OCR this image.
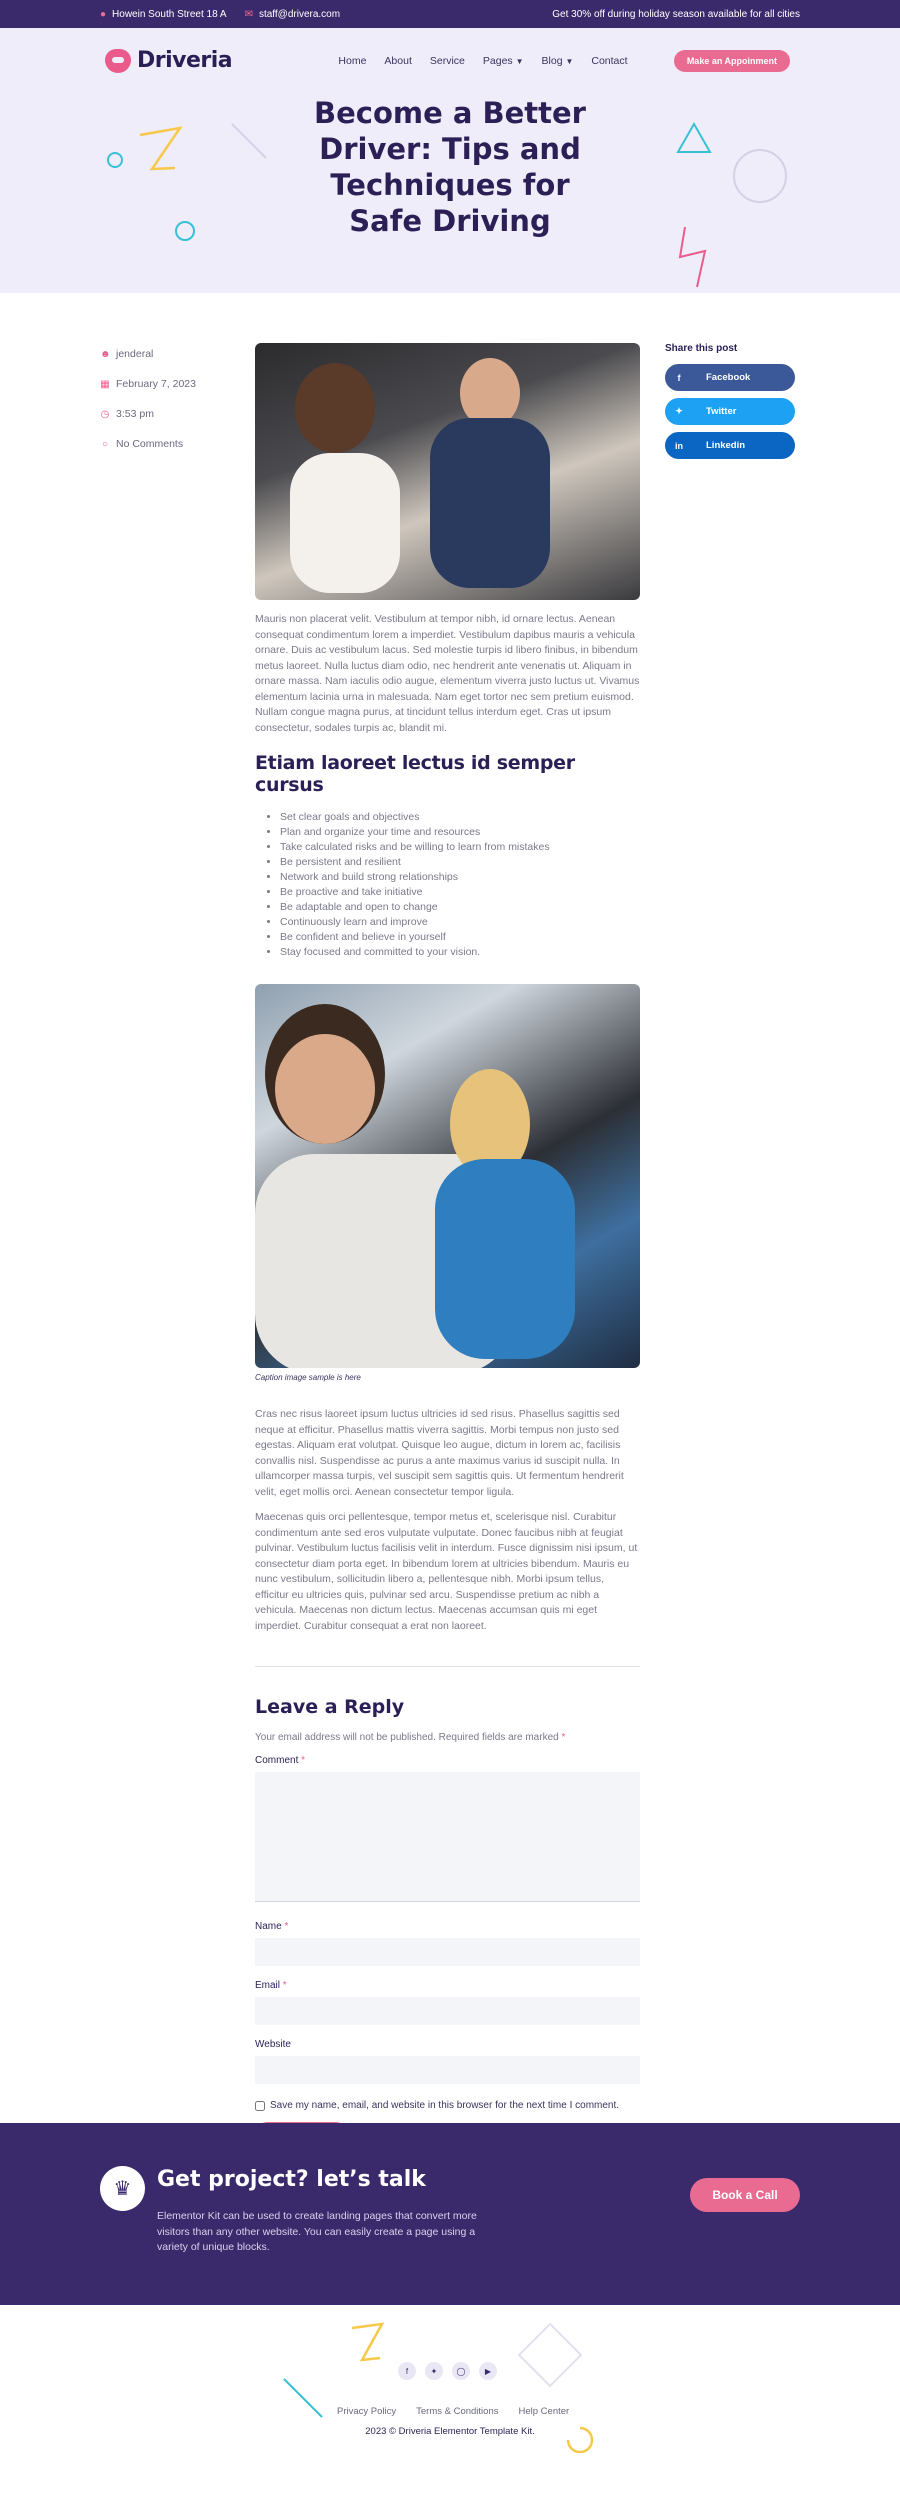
● Howein South Street 18 A ✉ staff@drivera.com	Get 30% off during holiday season available for all cities
Driveria	Home About Service Pages ▼ Blog ▼ Contact	Make an Appoinment
Become a Better Driver: Tips and Techniques for Safe Driving
☻ jenderal
▦ February 7, 2023
◷ 3:53 pm
○ No Comments

Mauris non placerat velit. Vestibulum at tempor nibh, id ornare lectus. Aenean consequat condimentum lorem a imperdiet. Vestibulum dapibus mauris a vehicula ornare. Duis ac vestibulum lacus. Sed molestie turpis id libero finibus, in bibendum metus laoreet. Nulla luctus diam odio, nec hendrerit ante venenatis ut. Aliquam in ornare massa. Nam iaculis odio augue, elementum viverra justo luctus ut. Vivamus elementum lacinia urna in malesuada. Nam eget tortor nec sem pretium euismod. Nullam congue magna purus, at tincidunt tellus interdum eget. Cras ut ipsum consectetur, sodales turpis ac, blandit mi.

Etiam laoreet lectus id semper cursus
• Set clear goals and objectives
• Plan and organize your time and resources
• Take calculated risks and be willing to learn from mistakes
• Be persistent and resilient
• Network and build strong relationships
• Be proactive and take initiative
• Be adaptable and open to change
• Continuously learn and improve
• Be confident and believe in yourself
• Stay focused and committed to your vision.
Caption image sample is here

Cras nec risus laoreet ipsum luctus ultricies id sed risus. Phasellus sagittis sed neque at efficitur. Phasellus mattis viverra sagittis. Morbi tempus non justo sed egestas. Aliquam erat volutpat. Quisque leo augue, dictum in lorem ac, facilisis convallis nisl. Suspendisse ac purus a ante maximus varius id suscipit nulla. In ullamcorper massa turpis, vel suscipit sem sagittis quis. Ut fermentum hendrerit velit, eget mollis orci. Aenean consectetur tempor ligula.

Maecenas quis orci pellentesque, tempor metus et, scelerisque nisl. Curabitur condimentum ante sed eros vulputate vulputate. Donec faucibus nibh at feugiat pulvinar. Vestibulum luctus facilisis velit in interdum. Fusce dignissim nisi ipsum, ut consectetur diam porta eget. In bibendum lorem at ultricies bibendum. Mauris eu nunc vestibulum, sollicitudin libero a, pellentesque nibh. Morbi ipsum tellus, efficitur eu ultricies quis, pulvinar sed arcu. Suspendisse pretium ac nibh a vehicula. Maecenas non dictum lectus. Maecenas accumsan quis mi eget imperdiet. Curabitur consequat a erat non laoreet.

Leave a Reply

Your email address will not be published. Required fields are marked *

Comment *
Name *
Email *
Website
Save my name, email, and website in this browser for the next time I comment.
Share this post
f	Facebook
✦ Twitter
in Linkedin
♛	Get project? let’s talk

Elementor Kit can be used to create landing pages that convert more visitors than any other website. You can easily create a page using a variety of unique blocks.

Book a Call
f	✦	◯	▶
Privacy Policy Terms & Conditions Help Center
2023 © Driveria Elementor Template Kit.
